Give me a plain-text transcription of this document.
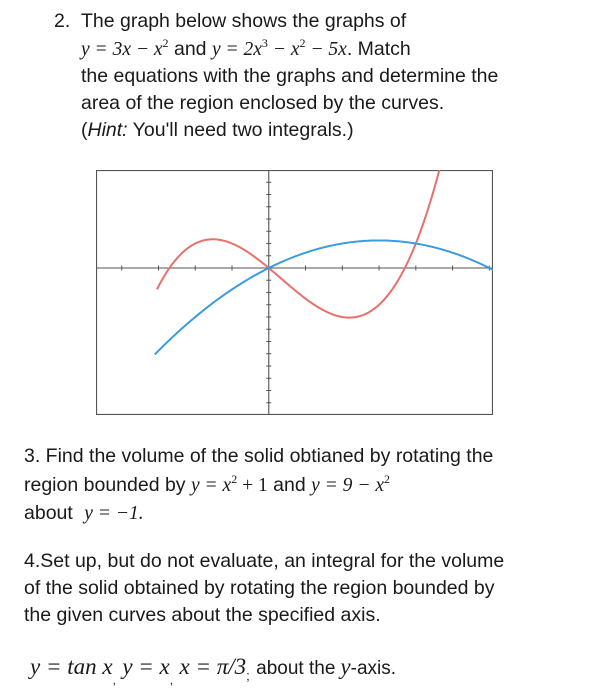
2. The graph below shows the graphs of
$y = 3x - x^2$ and $y = 2x^3 - x^2 - 5x$. Match
the equations with the graphs and determine the
area of the region enclosed by the curves.
(Hint: You'll need two integrals.)
3. Find the volume of the solid obtianed by rotating the
region bounded by $y = x^2 + 1$ and $y = 9 - x^2$
about y = −1.
4.Set up, but do not evaluate, an integral for the volume
of the solid obtained by rotating the region bounded by
the given curves about the specified axis.
$y = \tan x_,$ $y = x_,$ $x = \pi/3_;$ about the y-axis.
